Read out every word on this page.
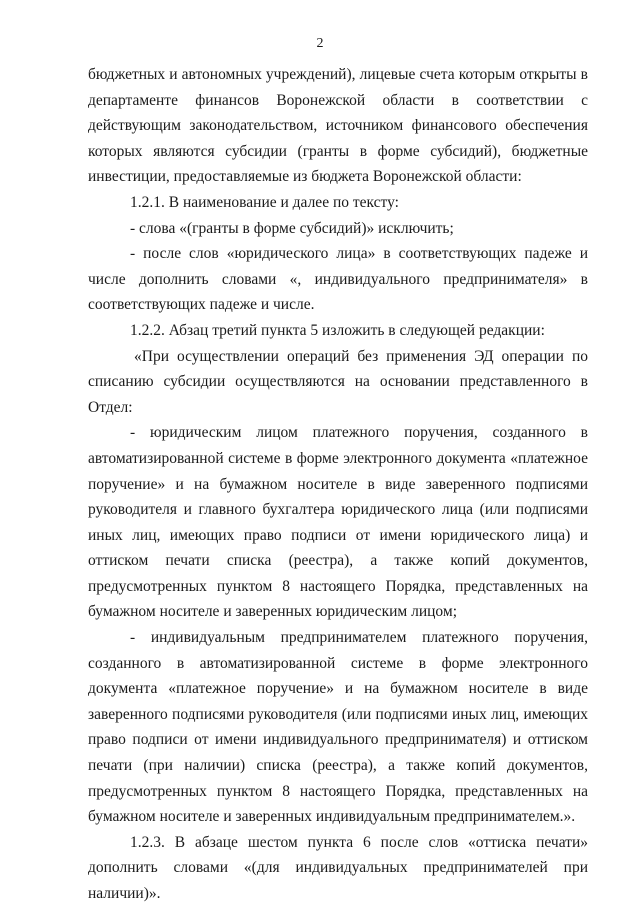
2

бюджетных и автономных учреждений), лицевые счета которым открыты в департаменте финансов Воронежской области в соответствии с действующим законодательством, источником финансового обеспечения которых являются субсидии (гранты в форме субсидий), бюджетные инвестиции, предоставляемые из бюджета Воронежской области:

1.2.1. В наименование и далее по тексту:

- слова «(гранты в форме субсидий)» исключить;

- после слов «юридического лица» в соответствующих падеже и числе дополнить словами «, индивидуального предпринимателя» в соответствующих падеже и числе.

1.2.2. Абзац третий пункта 5 изложить в следующей редакции:

«При осуществлении операций без применения ЭД операции по списанию субсидии осуществляются на основании представленного в Отдел:

- юридическим лицом платежного поручения, созданного в автоматизированной системе в форме электронного документа «платежное поручение» и на бумажном носителе в виде заверенного подписями руководителя и главного бухгалтера юридического лица (или подписями иных лиц, имеющих право подписи от имени юридического лица) и оттиском печати списка (реестра), а также копий документов, предусмотренных пунктом 8 настоящего Порядка, представленных на бумажном носителе и заверенных юридическим лицом;

- индивидуальным предпринимателем платежного поручения, созданного в автоматизированной системе в форме электронного документа «платежное поручение» и на бумажном носителе в виде заверенного подписями руководителя (или подписями иных лиц, имеющих право подписи от имени индивидуального предпринимателя) и оттиском печати (при наличии) списка (реестра), а также копий документов, предусмотренных пунктом 8 настоящего Порядка, представленных на бумажном носителе и заверенных индивидуальным предпринимателем.».

1.2.3. В абзаце шестом пункта 6 после слов «оттиска печати» дополнить словами «(для индивидуальных предпринимателей при наличии)».
